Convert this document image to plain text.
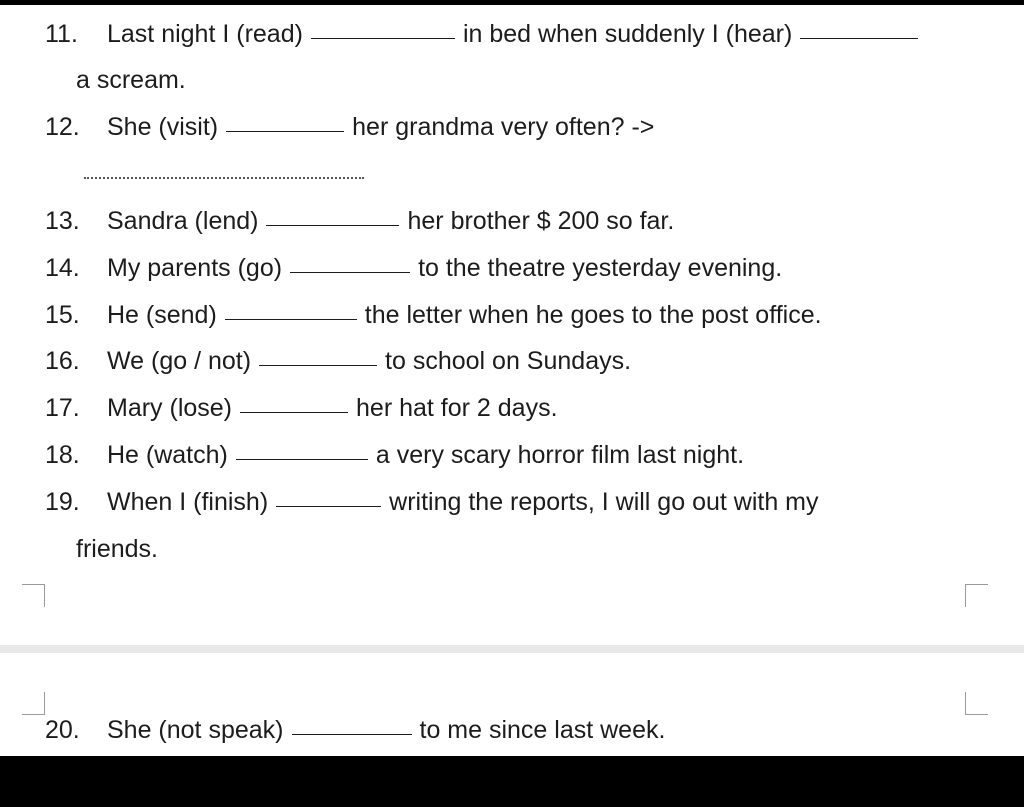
11. Last night I (read)	in bed when suddenly I (hear)
a scream.
12. She (visit)	her grandma very often? ->
13. Sandra (lend)	her brother $ 200 so far.
14. My parents (go)	to the theatre yesterday evening.
15. He (send)	the letter when he goes to the post office.
16. We (go / not)	to school on Sundays.
17. Mary (lose)	her hat for 2 days.
18. He (watch)	a very scary horror film last night.
19. When I (finish)	writing the reports, I will go out with my
friends.
20. She (not speak)	to me since last week.
